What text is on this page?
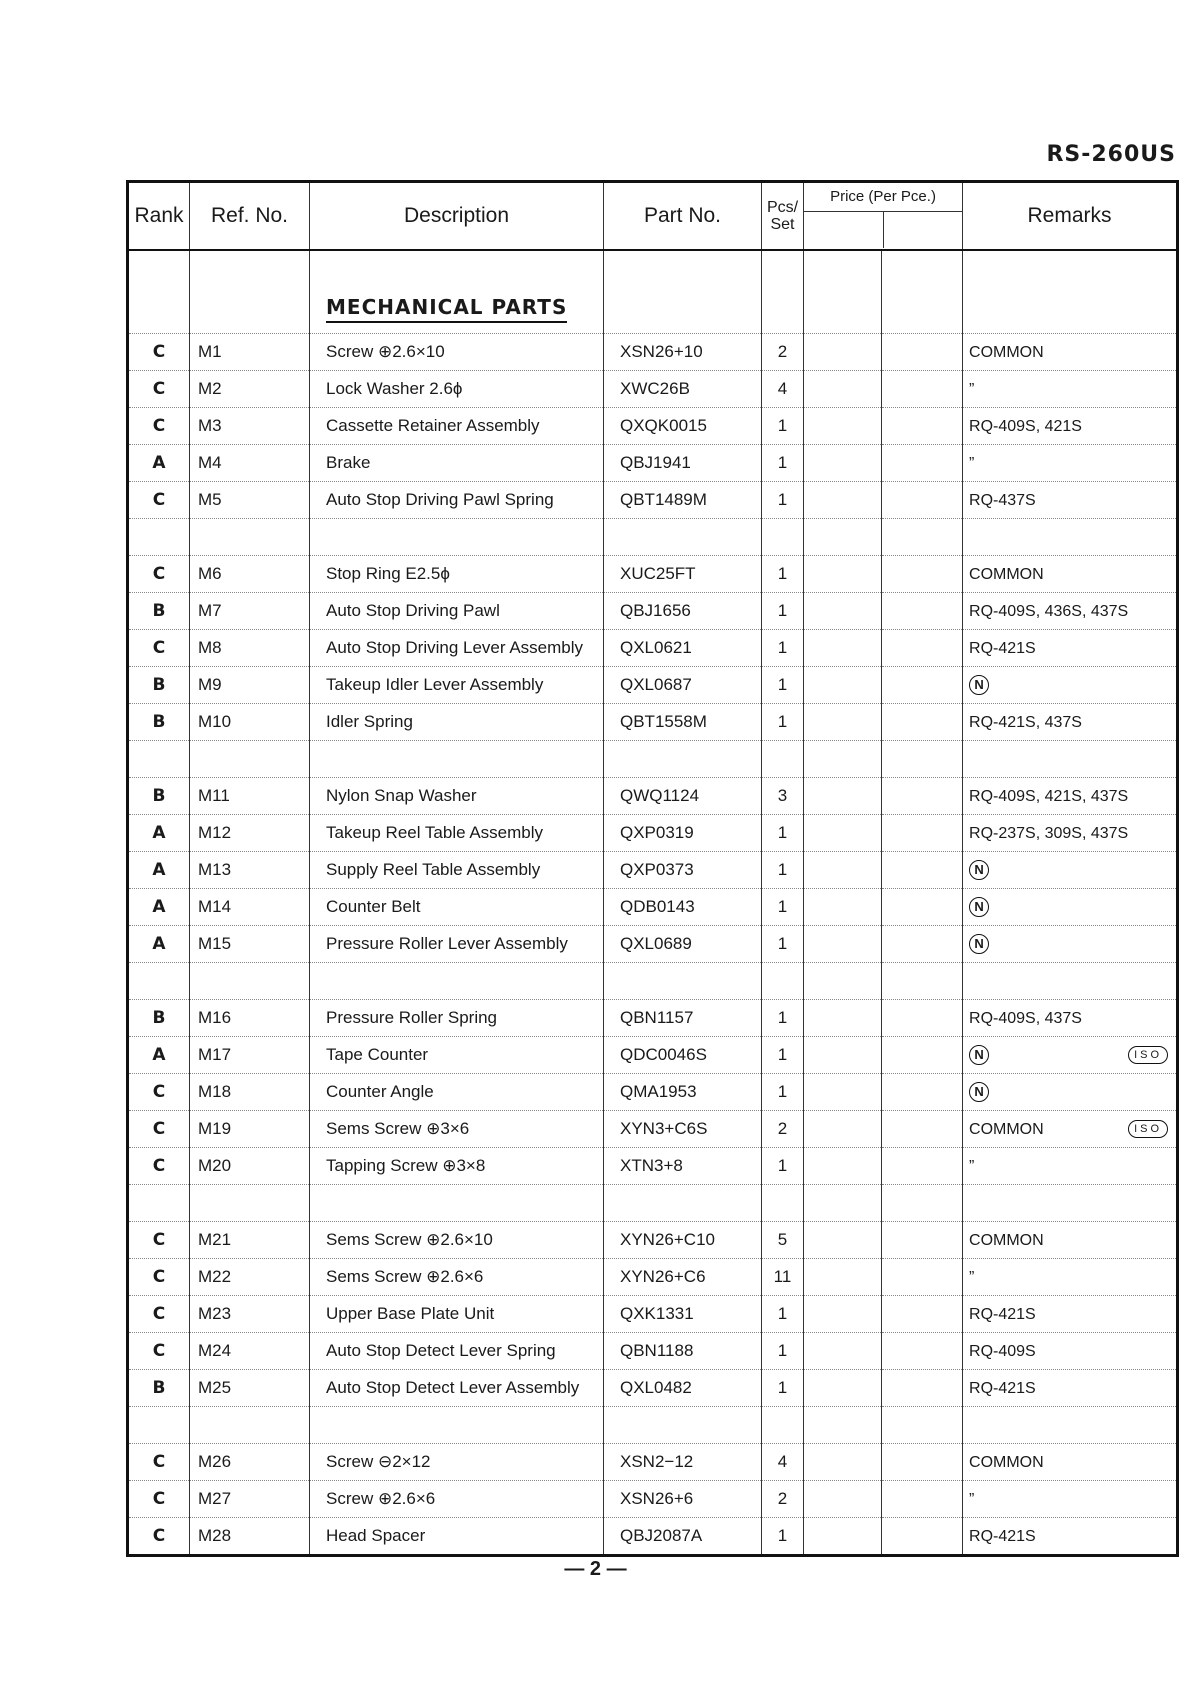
RS-260US
Rank	Ref. No.	Description	Part No.	Pcs/ Set	Price (Per Pce.)		Remarks
		MECHANICAL PARTS					
C	M1	Screw ⊕2.6×10	XSN26+10	2			COMMON

C	M2	Lock Washer 2.6ϕ	XWC26B	4			”

C	M3	Cassette Retainer Assembly	QXQK0015	1			RQ-409S, 421S

A	M4	Brake	QBJ1941	1			”

C	M5	Auto Stop Driving Pawl Spring	QBT1489M	1			RQ-437S

C	M6	Stop Ring E2.5ϕ	XUC25FT	1			COMMON

B	M7	Auto Stop Driving Pawl	QBJ1656	1			RQ-409S, 436S, 437S

C	M8	Auto Stop Driving Lever Assembly	QXL0621	1			RQ-421S

B	M9	Takeup Idler Lever Assembly	QXL0687	1			N

B	M10	Idler Spring	QBT1558M	1			RQ-421S, 437S

B	M11	Nylon Snap Washer	QWQ1124	3			RQ-409S, 421S, 437S

A	M12	Takeup Reel Table Assembly	QXP0319	1			RQ-237S, 309S, 437S

A	M13	Supply Reel Table Assembly	QXP0373	1			N

A	M14	Counter Belt	QDB0143	1			N

A	M15	Pressure Roller Lever Assembly	QXL0689	1			N

B	M16	Pressure Roller Spring	QBN1157	1			RQ-409S, 437S

A	M17	Tape Counter	QDC0046S	1			N ISO

C	M18	Counter Angle	QMA1953	1			N

C	M19	Sems Screw ⊕3×6	XYN3+C6S	2			COMMON ISO

C	M20	Tapping Screw ⊕3×8	XTN3+8	1			”

C	M21	Sems Screw ⊕2.6×10	XYN26+C10	5			COMMON

C	M22	Sems Screw ⊕2.6×6	XYN26+C6	11			”

C	M23	Upper Base Plate Unit	QXK1331	1			RQ-421S

C	M24	Auto Stop Detect Lever Spring	QBN1188	1			RQ-409S

B	M25	Auto Stop Detect Lever Assembly	QXL0482	1			RQ-421S

C	M26	Screw ⊖2×12	XSN2−12	4			COMMON

C	M27	Screw ⊕2.6×6	XSN26+6	2			”

C	M28	Head Spacer	QBJ2087A	1			RQ-421S
— 2 —
